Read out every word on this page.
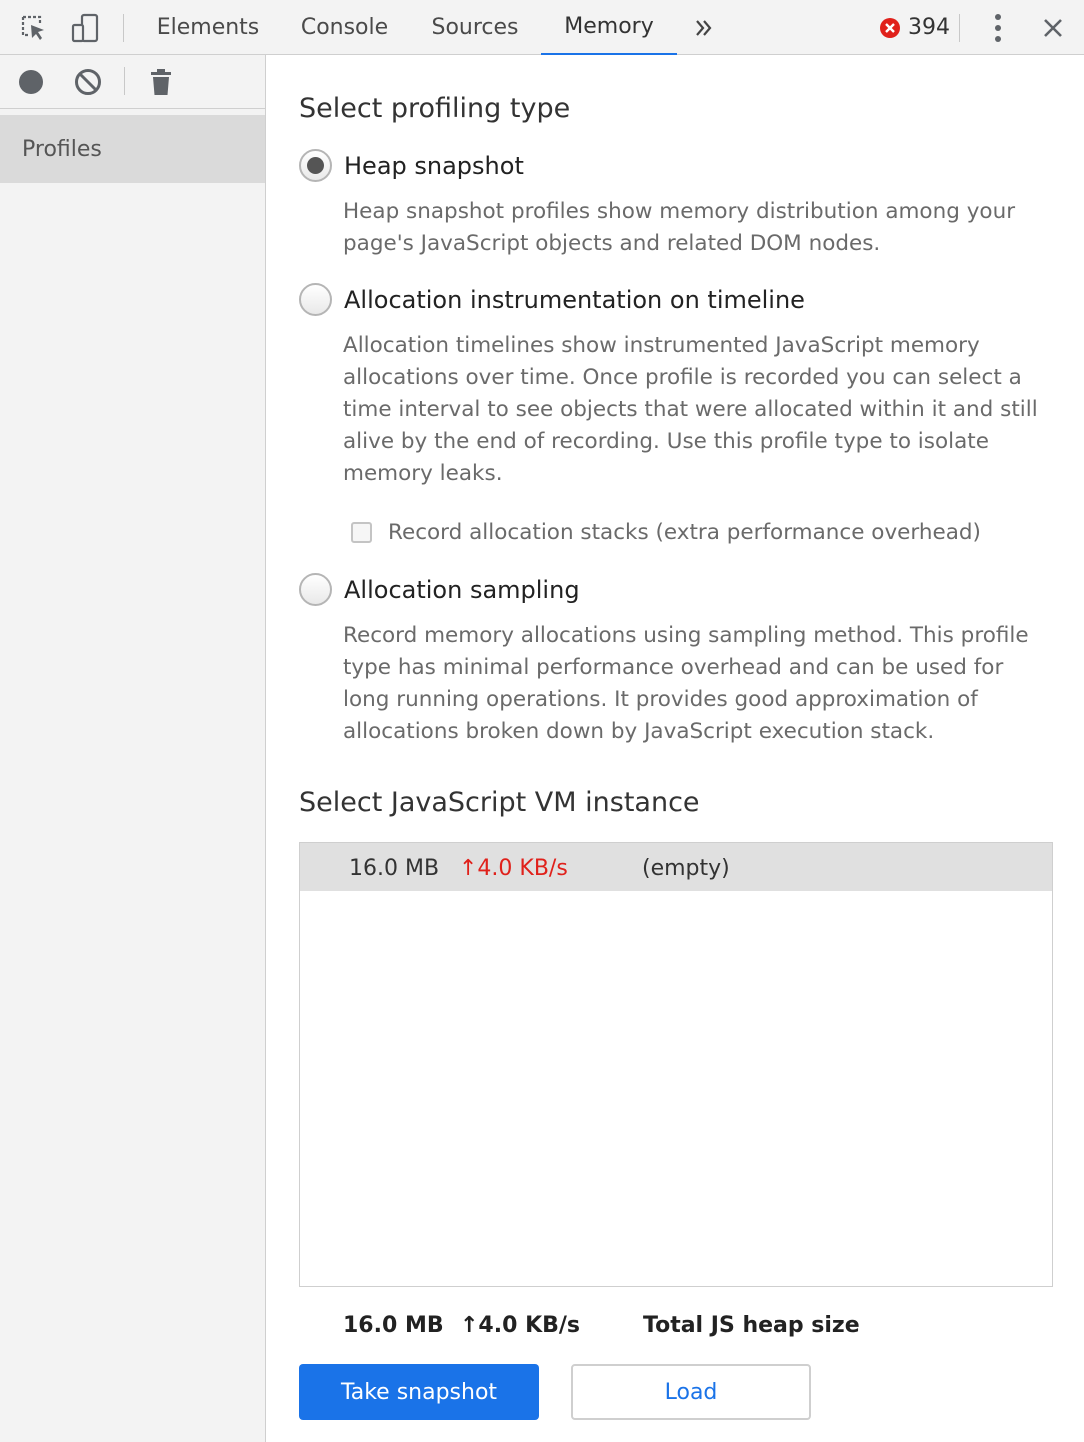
Elements	Console	Sources	Memory	394
Profiles
Select profiling type
Heap snapshot
Heap snapshot profiles show memory distribution among your page's JavaScript objects and related DOM nodes.
Allocation instrumentation on timeline
Allocation timelines show instrumented JavaScript memory allocations over time. Once profile is recorded you can select a time interval to see objects that were allocated within it and still alive by the end of recording. Use this profile type to isolate memory leaks.
Record allocation stacks (extra performance overhead)
Allocation sampling
Record memory allocations using sampling method. This profile type has minimal performance overhead and can be used for long running operations. It provides good approximation of allocations broken down by JavaScript execution stack.
Select JavaScript VM instance
16.0 MB ↑4.0 KB/s	(empty)
16.0 MB ↑4.0 KB/s	Total JS heap size
Take snapshot	Load
